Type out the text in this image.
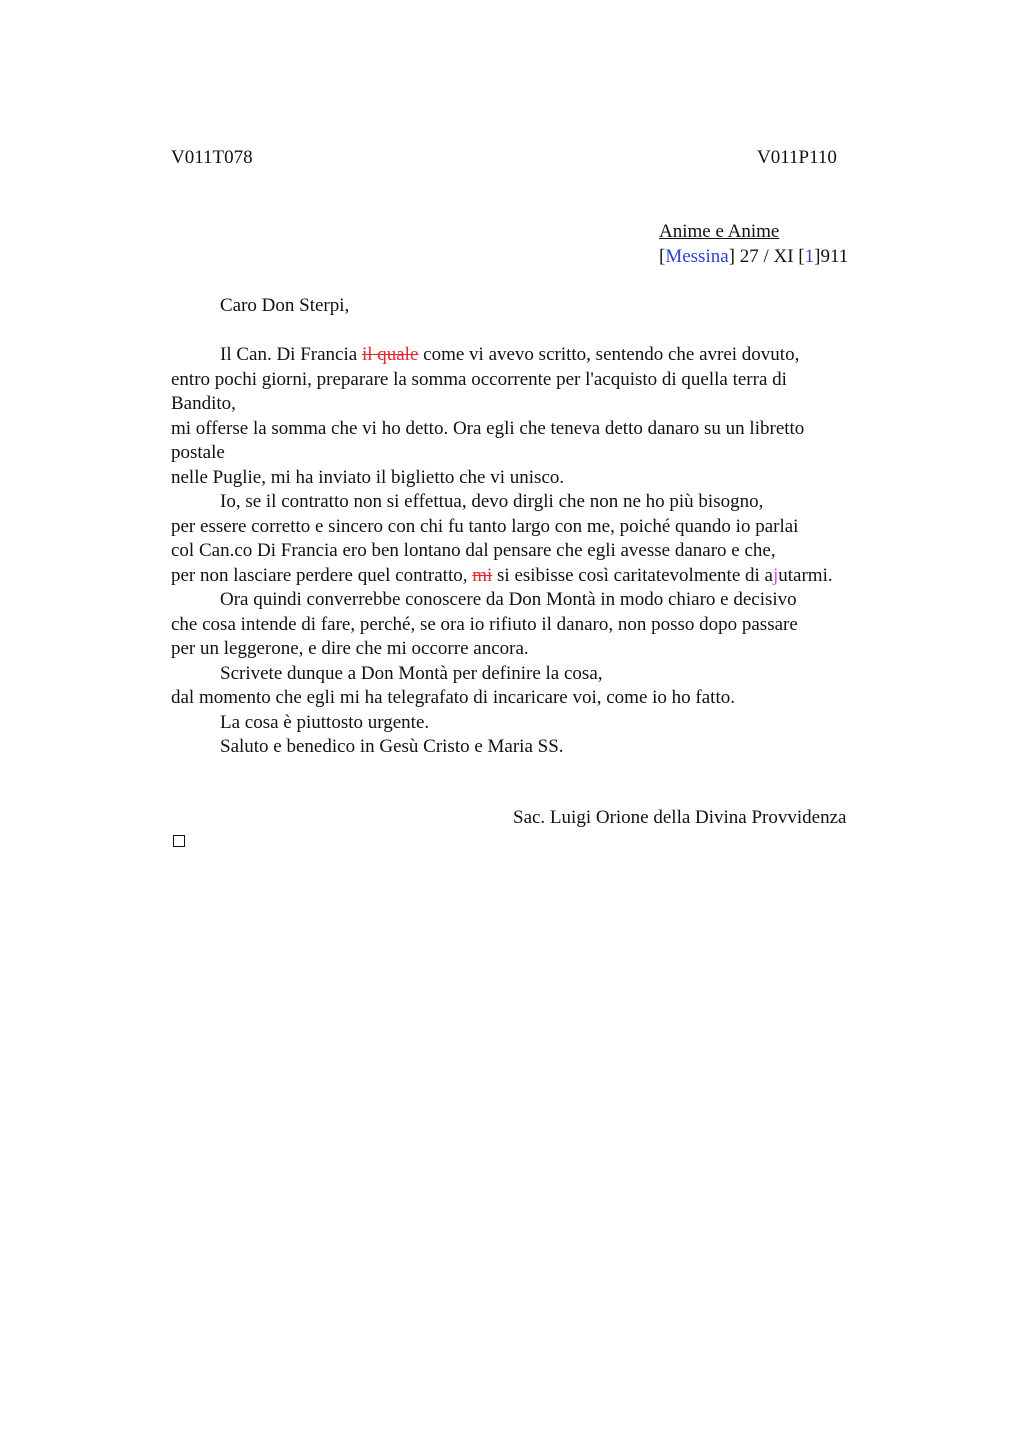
V011T078	V011P110
Anime e Anime
[Messina] 27 / XI [1]911
Caro Don Sterpi,
Il Can. Di Francia il quale come vi avevo scritto, sentendo che avrei dovuto,
entro pochi giorni, preparare la somma occorrente per l'acquisto di quella terra di
Bandito,
mi offerse la somma che vi ho detto. Ora egli che teneva detto danaro su un libretto
postale
nelle Puglie, mi ha inviato il biglietto che vi unisco.
Io, se il contratto non si effettua, devo dirgli che non ne ho più bisogno,
per essere corretto e sincero con chi fu tanto largo con me, poiché quando io parlai
col Can.co Di Francia ero ben lontano dal pensare che egli avesse danaro e che,
per non lasciare perdere quel contratto, mi si esibisse così caritatevolmente di ajutarmi.
Ora quindi converrebbe conoscere da Don Montà in modo chiaro e decisivo
che cosa intende di fare, perché, se ora io rifiuto il danaro, non posso dopo passare
per un leggerone, e dire che mi occorre ancora.
Scrivete dunque a Don Montà per definire la cosa,
dal momento che egli mi ha telegrafato di incaricare voi, come io ho fatto.
La cosa è piuttosto urgente.
Saluto e benedico in Gesù Cristo e Maria SS.
Sac. Luigi Orione della Divina Provvidenza
